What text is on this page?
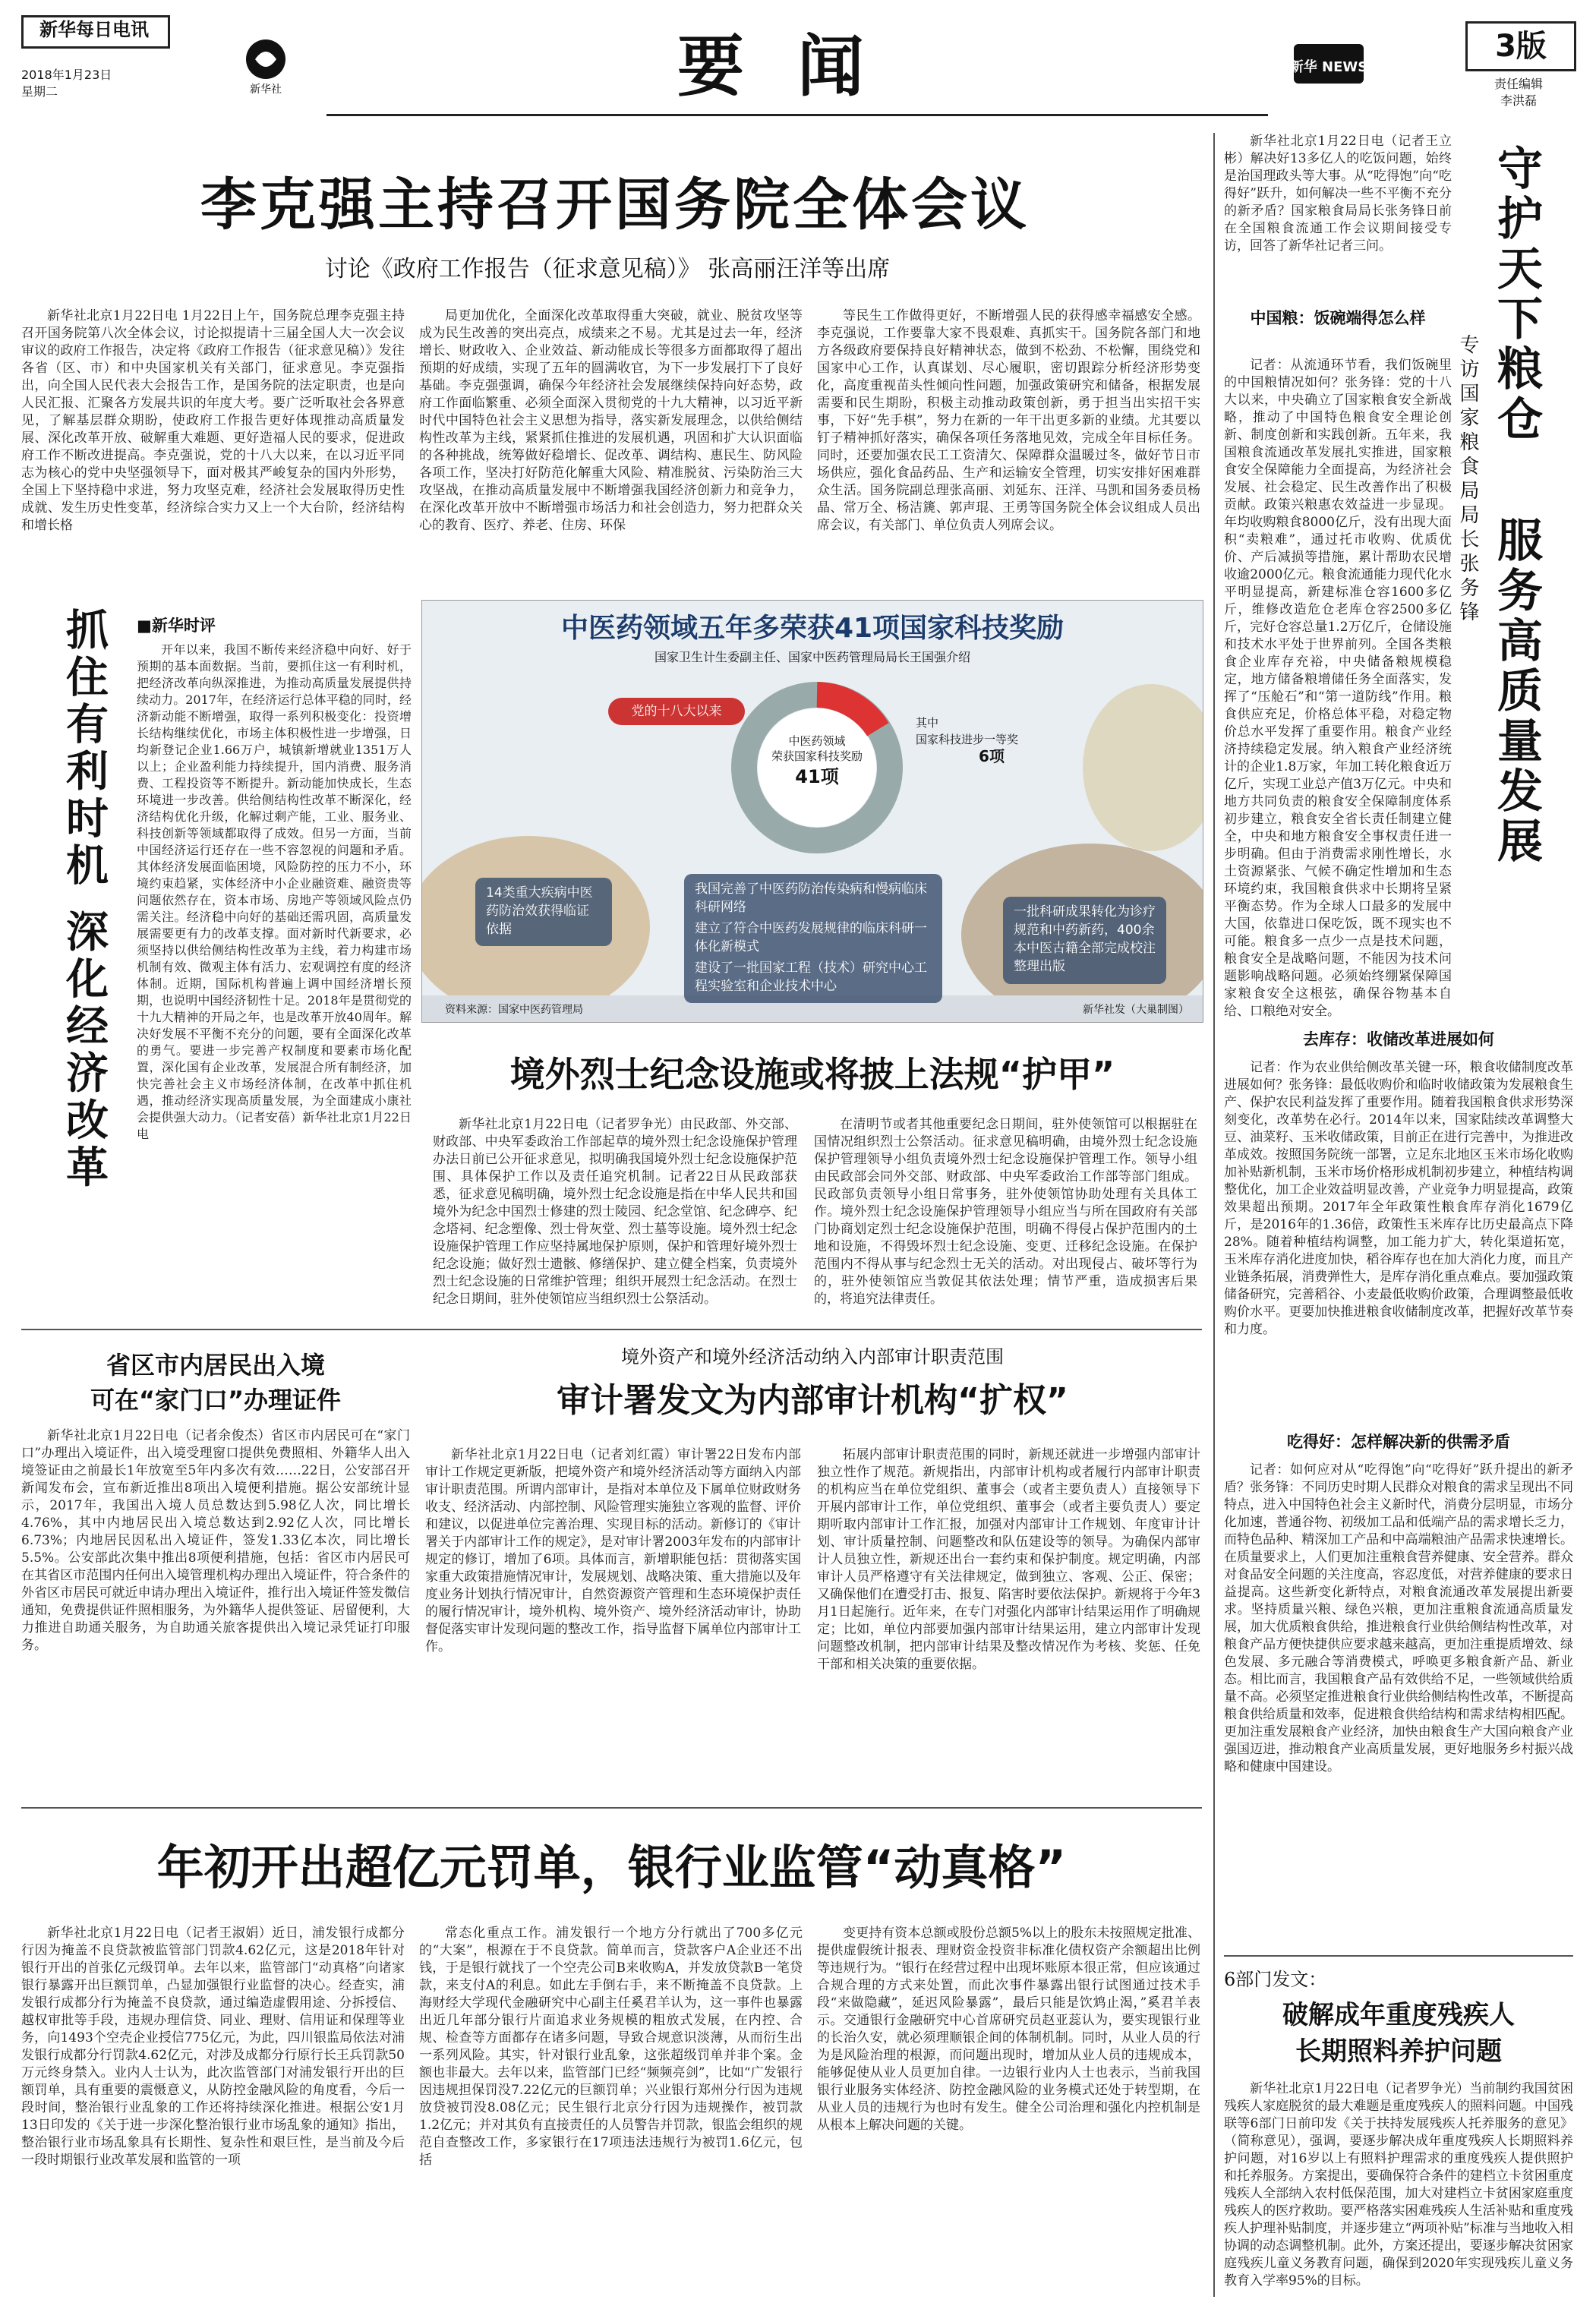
新华每日电讯
2018年1月23日
星期二	新华社	要闻	新华 NEWS
3版
责任编辑
李洪磊
李克强主持召开国务院全体会议
讨论《政府工作报告（征求意见稿）》 张高丽汪洋等出席

新华社北京1月22日电 1月22日上午，国务院总理李克强主持召开国务院第八次全体会议，讨论拟提请十三届全国人大一次会议审议的政府工作报告，决定将《政府工作报告（征求意见稿）》发往各省（区、市）和中央国家机关有关部门，征求意见。李克强指出，向全国人民代表大会报告工作，是国务院的法定职责，也是向人民汇报、汇聚各方发展共识的年度大考。要广泛听取社会各界意见，了解基层群众期盼，使政府工作报告更好体现推动高质量发展、深化改革开放、破解重大难题、更好造福人民的要求，促进政府工作不断改进提高。李克强说，党的十八大以来，在以习近平同志为核心的党中央坚强领导下，面对极其严峻复杂的国内外形势，全国上下坚持稳中求进，努力攻坚克难，经济社会发展取得历史性成就、发生历史性变革，经济综合实力又上一个大台阶，经济结构和增长格

局更加优化，全面深化改革取得重大突破，就业、脱贫攻坚等成为民生改善的突出亮点，成绩来之不易。尤其是过去一年，经济增长、财政收入、企业效益、新动能成长等很多方面都取得了超出预期的好成绩，实现了五年的圆满收官，为下一步发展打下了良好基础。李克强强调，确保今年经济社会发展继续保持向好态势，政府工作面临繁重、必须全面深入贯彻党的十九大精神，以习近平新时代中国特色社会主义思想为指导，落实新发展理念，以供给侧结构性改革为主线，紧紧抓住推进的发展机遇，巩固和扩大认识面临的各种挑战，统筹做好稳增长、促改革、调结构、惠民生、防风险各项工作，坚决打好防范化解重大风险、精准脱贫、污染防治三大攻坚战，在推动高质量发展中不断增强我国经济创新力和竞争力，在深化改革开放中不断增强市场活力和社会创造力，努力把群众关心的教育、医疗、养老、住房、环保

等民生工作做得更好，不断增强人民的获得感幸福感安全感。李克强说，工作要靠大家不畏艰难、真抓实干。国务院各部门和地方各级政府要保持良好精神状态，做到不松劲、不松懈，围绕党和国家中心工作，认真谋划、尽心履职，密切跟踪分析经济形势变化，高度重视苗头性倾向性问题，加强政策研究和储备，根据发展需要和民生期盼，积极主动推动政策创新，勇于担当出实招干实事，下好“先手棋”，努力在新的一年干出更多新的业绩。尤其要以钉子精神抓好落实，确保各项任务落地见效，完成全年目标任务。同时，还要加强农民工工资清欠、保障群众温暖过冬，做好节日市场供应，强化食品药品、生产和运输安全管理，切实安排好困难群众生活。国务院副总理张高丽、刘延东、汪洋、马凯和国务委员杨晶、常万全、杨洁篪、郭声琨、王勇等国务院全体会议组成人员出席会议，有关部门、单位负责人列席会议。

抓住有利时机 深化经济改革	■新华时评

开年以来，我国不断传来经济稳中向好、好于预期的基本面数据。当前，要抓住这一有利时机，把经济改革向纵深推进，为推动高质量发展提供持续动力。2017年，在经济运行总体平稳的同时，经济新动能不断增强，取得一系列积极变化：投资增长结构继续优化，市场主体积极性进一步增强，日均新登记企业1.66万户，城镇新增就业1351万人以上；企业盈利能力持续提升，国内消费、服务消费、工程投资等不断提升。新动能加快成长，生态环境进一步改善。供给侧结构性改革不断深化，经济结构优化升级，化解过剩产能，工业、服务业、科技创新等领域都取得了成效。但另一方面，当前中国经济运行还存在一些不容忽视的问题和矛盾。其体经济发展面临困境，风险防控的压力不小，环境约束趋紧，实体经济中小企业融资难、融资贵等问题依然存在，资本市场、房地产等领域风险点仍需关注。经济稳中向好的基础还需巩固，高质量发展需要更有力的改革支撑。面对新时代新要求，必须坚持以供给侧结构性改革为主线，着力构建市场机制有效、微观主体有活力、宏观调控有度的经济体制。近期，国际机构普遍上调中国经济增长预期，也说明中国经济韧性十足。2018年是贯彻党的十九大精神的开局之年，也是改革开放40周年。解决好发展不平衡不充分的问题，要有全面深化改革的勇气。要进一步完善产权制度和要素市场化配置，深化国有企业改革，发展混合所有制经济，加快完善社会主义市场经济体制，在改革中抓住机遇，推动经济实现高质量发展，为全面建成小康社会提供强大动力。（记者安蓓）新华社北京1月22日电

中医药领域五年多荣获41项国家科技奖励
国家卫生计生委副主任、国家中医药管理局局长王国强介绍
党的十八大以来
中医药领域
荣获国家科技奖励
41项
其中
国家科技进步一等奖
6项
14类重大疾病中医药防治效获得临证依据
我国完善了中医药防治传染病和慢病临床科研网络
建立了符合中医药发展规律的临床科研一体化新模式
建设了一批国家工程（技术）研究中心工程实验室和企业技术中心
一批科研成果转化为诊疗规范和中药新药，400余本中医古籍全部完成校注整理出版
资料来源：国家中医药管理局	新华社发（大巢制图）
境外烈士纪念设施或将披上法规“护甲”

新华社北京1月22日电（记者罗争光）由民政部、外交部、财政部、中央军委政治工作部起草的境外烈士纪念设施保护管理办法日前已公开征求意见，拟明确我国境外烈士纪念设施保护范围、具体保护工作以及责任追究机制。记者22日从民政部获悉，征求意见稿明确，境外烈士纪念设施是指在中华人民共和国境外为纪念中国烈士修建的烈士陵园、纪念堂馆、纪念碑亭、纪念塔祠、纪念塑像、烈士骨灰堂、烈士墓等设施。境外烈士纪念设施保护管理工作应坚持属地保护原则，保护和管理好境外烈士纪念设施；做好烈士遗骸、修缮保护、建立健全档案，负责境外烈士纪念设施的日常维护管理；组织开展烈士纪念活动。在烈士纪念日期间，驻外使领馆应当组织烈士公祭活动。

在清明节或者其他重要纪念日期间，驻外使领馆可以根据驻在国情况组织烈士公祭活动。征求意见稿明确，由境外烈士纪念设施保护管理领导小组负责境外烈士纪念设施保护管理工作。领导小组由民政部会同外交部、财政部、中央军委政治工作部等部门组成。民政部负责领导小组日常事务，驻外使领馆协助处理有关具体工作。境外烈士纪念设施保护管理领导小组应当与所在国政府有关部门协商划定烈士纪念设施保护范围，明确不得侵占保护范围内的土地和设施，不得毁坏烈士纪念设施、变更、迁移纪念设施。在保护范围内不得从事与纪念烈士无关的活动。对出现侵占、破坏等行为的，驻外使领馆应当敦促其依法处理；情节严重，造成损害后果的，将追究法律责任。

省区市内居民出入境
可在“家门口”办理证件

新华社北京1月22日电（记者余俊杰）省区市内居民可在“家门口”办理出入境证件，出入境受理窗口提供免费照相、外籍华人出入境签证由之前最长1年放宽至5年内多次有效……22日，公安部召开新闻发布会，宣布新近推出8项出入境便利措施。据公安部统计显示，2017年，我国出入境人员总数达到5.98亿人次，同比增长4.76%，其中内地居民出入境总数达到2.92亿人次，同比增长6.73%；内地居民因私出入境证件，签发1.33亿本次，同比增长5.5%。公安部此次集中推出8项便利措施，包括：省区市内居民可在其省区市范围内任何出入境管理机构办理出入境证件，符合条件的外省区市居民可就近申请办理出入境证件，推行出入境证件签发微信通知，免费提供证件照相服务，为外籍华人提供签证、居留便利，大力推进自助通关服务，为自助通关旅客提供出入境记录凭证打印服务。

境外资产和境外经济活动纳入内部审计职责范围
审计署发文为内部审计机构“扩权”

新华社北京1月22日电（记者刘红霞）审计署22日发布内部审计工作规定更新版，把境外资产和境外经济活动等方面纳入内部审计职责范围。所谓内部审计，是指对本单位及下属单位财政财务收支、经济活动、内部控制、风险管理实施独立客观的监督、评价和建议，以促进单位完善治理、实现目标的活动。新修订的《审计署关于内部审计工作的规定》，是对审计署2003年发布的内部审计规定的修订，增加了6项。具体而言，新增职能包括：贯彻落实国家重大政策措施情况审计，发展规划、战略决策、重大措施以及年度业务计划执行情况审计，自然资源资产管理和生态环境保护责任的履行情况审计，境外机构、境外资产、境外经济活动审计，协助督促落实审计发现问题的整改工作，指导监督下属单位内部审计工作。

拓展内部审计职责范围的同时，新规还就进一步增强内部审计独立性作了规范。新规指出，内部审计机构或者履行内部审计职责的机构应当在单位党组织、董事会（或者主要负责人）直接领导下开展内部审计工作，单位党组织、董事会（或者主要负责人）要定期听取内部审计工作汇报，加强对内部审计工作规划、年度审计计划、审计质量控制、问题整改和队伍建设等的领导。为确保内部审计人员独立性，新规还出台一套约束和保护制度。规定明确，内部审计人员严格遵守有关法律规定，做到独立、客观、公正、保密；又确保他们在遭受打击、报复、陷害时要依法保护。新规将于今年3月1日起施行。近年来，在专门对强化内部审计结果运用作了明确规定；比如，单位内部要加强内部审计结果运用，建立内部审计发现问题整改机制，把内部审计结果及整改情况作为考核、奖惩、任免干部和相关决策的重要依据。

年初开出超亿元罚单，银行业监管“动真格”

新华社北京1月22日电（记者王淑娟）近日，浦发银行成都分行因为掩盖不良贷款被监管部门罚款4.62亿元，这是2018年针对银行开出的首张亿元级罚单。去年以来，监管部门“动真格”向诸家银行暴露开出巨额罚单，凸显加强银行业监督的决心。经查实，浦发银行成都分行为掩盖不良贷款，通过编造虚假用途、分拆授信、越权审批等手段，违规办理信贷、同业、理财、信用证和保理等业务，向1493个空壳企业授信775亿元，为此，四川银监局依法对浦发银行成都分行罚款4.62亿元，对涉及成都分行原行长王兵罚款50万元终身禁入。业内人士认为，此次监管部门对浦发银行开出的巨额罚单，具有重要的震慑意义，从防控金融风险的角度看，今后一段时间，整治银行业乱象的工作还将持续深化推进。根据公安1月13日印发的《关于进一步深化整治银行业市场乱象的通知》指出，整治银行业市场乱象具有长期性、复杂性和艰巨性，是当前及今后一段时期银行业改革发展和监管的一项

常态化重点工作。浦发银行一个地方分行就出了700多亿元的“大案”，根源在于不良贷款。简单而言，贷款客户A企业还不出钱，于是银行就找了一个空壳公司B来收购A，并发放贷款B一笔贷款，来支付A的利息。如此左手倒右手，来不断掩盖不良贷款。上海财经大学现代金融研究中心副主任奚君羊认为，这一事件也暴露出近几年部分银行片面追求业务规模的粗放式发展，在内控、合规、检查等方面都存在诸多问题，导致合规意识淡薄，从而衍生出一系列风险。其实，针对银行业乱象，这张超级罚单并非个案。金额也非最大。去年以来，监管部门已经“频频亮剑”，比如“广发银行因违规担保罚没7.22亿元的巨额罚单；兴业银行郑州分行因为违规放贷被罚没8.08亿元；民生银行北京分行因为违规操作，被罚款1.2亿元；并对其负有直接责任的人员警告并罚款，银监会组织的规范自查整改工作，多家银行在17项违法违规行为被罚1.6亿元，包括

变更持有资本总额或股份总额5%以上的股东未按照规定批准、提供虚假统计报表、理财资金投资非标准化债权资产余额超出比例等违规行为。“银行在经营过程中出现坏账原本很正常，但应该通过合规合理的方式来处置，而此次事件暴露出银行试图通过技术手段“来做隐藏”，延迟风险暴露”，最后只能是饮鸩止渴，”奚君羊表示。交通银行金融研究中心首席研究员赵亚蕊认为，要实现银行业的长治久安，就必须理顺银企间的体制机制。同时，从业人员的行为是风险治理的根源，而问题出现时，增加从业人员的违规成本，能够促使从业人员更加自律。一边银行业内人士也表示，当前我国银行业服务实体经济、防控金融风险的业务模式还处于转型期，在从业人员的违规行为也时有发生。健全公司治理和强化内控机制是从根本上解决问题的关键。

新华社北京1月22日电（记者王立彬）解决好13多亿人的吃饭问题，始终是治国理政头等大事。从“吃得饱”向“吃得好”跃升，如何解决一些不平衡不充分的新矛盾？国家粮食局局长张务锋日前在全国粮食流通工作会议期间接受专访，回答了新华社记者三问。	守护天下粮仓
服务高质量发展
专访国家粮食局局长张务锋
中国粮：饭碗端得怎么样

记者：从流通环节看，我们饭碗里的中国粮情况如何？张务锋：党的十八大以来，中央确立了国家粮食安全新战略，推动了中国特色粮食安全理论创新、制度创新和实践创新。五年来，我国粮食流通改革发展扎实推进，国家粮食安全保障能力全面提高，为经济社会发展、社会稳定、民生改善作出了积极贡献。政策兴粮惠农效益进一步显现。年均收购粮食8000亿斤，没有出现大面积“卖粮难”，通过托市收购、优质优价、产后减损等措施，累计帮助农民增收逾2000亿元。粮食流通能力现代化水平明显提高，新建标准仓容1600多亿斤，维修改造危仓老库仓容2500多亿斤，完好仓容总量1.2万亿斤，仓储设施和技术水平处于世界前列。全国各类粮食企业库存充裕，中央储备粮规模稳定，地方储备粮增储任务全面落实，发挥了“压舱石”和“第一道防线”作用。粮食供应充足，价格总体平稳，对稳定物价总水平发挥了重要作用。粮食产业经济持续稳定发展。纳入粮食产业经济统计的企业1.8万家，年加工转化粮食近万亿斤，实现工业总产值3万亿元。中央和地方共同负责的粮食安全保障制度体系初步建立，粮食安全省长责任制建立健全，中央和地方粮食安全事权责任进一步明确。但由于消费需求刚性增长，水土资源紧张、气候不确定性增加和生态环境约束，我国粮食供求中长期将呈紧平衡态势。作为全球人口最多的发展中大国，依靠进口保吃饭，既不现实也不可能。粮食多一点少一点是技术问题，粮食安全是战略问题，不能因为技术问题影响战略问题。必须始终绷紧保障国家粮食安全这根弦，确保谷物基本自给、口粮绝对安全。

去库存：收储改革进展如何

记者：作为农业供给侧改革关键一环，粮食收储制度改革进展如何？张务锋：最低收购价和临时收储政策为发展粮食生产、保护农民利益发挥了重要作用。随着我国粮食供求形势深刻变化，改革势在必行。2014年以来，国家陆续改革调整大豆、油菜籽、玉米收储政策，目前正在进行完善中，为推进改革成效。按照国务院统一部署，立足东北地区玉米市场化收购加补贴新机制，玉米市场价格形成机制初步建立，种植结构调整优化，加工企业效益明显改善，产业竞争力明显提高，政策效果超出预期。2017年全年政策性粮食库存消化1679亿斤，是2016年的1.36倍，政策性玉米库存比历史最高点下降28%。随着种植结构调整，加工能力扩大，转化渠道拓宽，玉米库存消化进度加快，稻谷库存也在加大消化力度，而且产业链条拓展，消费弹性大，是库存消化重点难点。要加强政策储备研究，完善稻谷、小麦最低收购价政策，合理调整最低收购价水平。更要加快推进粮食收储制度改革，把握好改革节奏和力度。

吃得好：怎样解决新的供需矛盾

记者：如何应对从“吃得饱”向“吃得好”跃升提出的新矛盾？张务锋：不同历史时期人民群众对粮食的需求呈现出不同特点，进入中国特色社会主义新时代，消费分层明显，市场分化加速，普通谷物、初级加工品和低端产品的需求增长乏力，而特色品种、精深加工产品和中高端粮油产品需求快速增长。在质量要求上，人们更加注重粮食营养健康、安全营养。群众对食品安全问题的关注度高，容忍度低，对营养健康的要求日益提高。这些新变化新特点，对粮食流通改革发展提出新要求。坚持质量兴粮、绿色兴粮，更加注重粮食流通高质量发展，加大优质粮食供给，推进粮食行业供给侧结构性改革，对粮食产品方便快捷供应要求越来越高，更加注重提质增效、绿色发展、多元融合等消费模式，呼唤更多粮食新产品、新业态。相比而言，我国粮食产品有效供给不足，一些领域供给质量不高。必须坚定推进粮食行业供给侧结构性改革，不断提高粮食供给质量和效率，促进粮食供给结构和需求结构相匹配。更加注重发展粮食产业经济，加快由粮食生产大国向粮食产业强国迈进，推动粮食产业高质量发展，更好地服务乡村振兴战略和健康中国建设。

6部门发文：
破解成年重度残疾人
长期照料养护问题

新华社北京1月22日电（记者罗争光）当前制约我国贫困残疾人家庭脱贫的最大难题是重度残疾人的照料问题。中国残联等6部门日前印发《关于扶持发展残疾人托养服务的意见》（简称意见），强调，要逐步解决成年重度残疾人长期照料养护问题，对16岁以上有照料护理需求的重度残疾人提供照护和托养服务。方案提出，要确保符合条件的建档立卡贫困重度残疾人全部纳入农村低保范围，加大对建档立卡贫困家庭重度残疾人的医疗救助。要严格落实困难残疾人生活补贴和重度残疾人护理补贴制度，并逐步建立“两项补贴”标准与当地收入相协调的动态调整机制。此外，方案还提出，要逐步解决贫困家庭残疾儿童义务教育问题，确保到2020年实现残疾儿童义务教育入学率95%的目标。
